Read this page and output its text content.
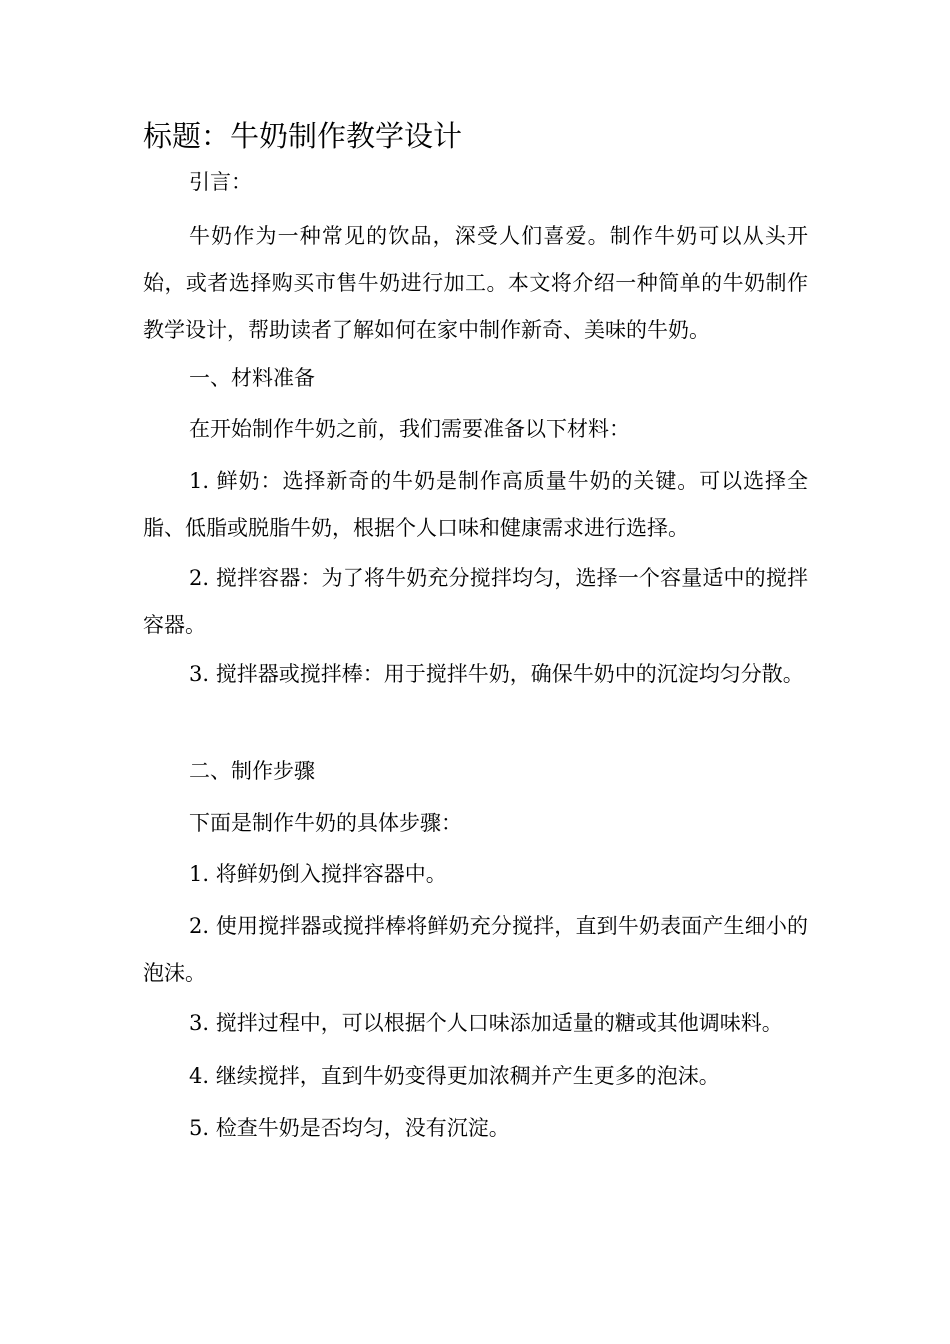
标题：牛奶制作教学设计

引言：

牛奶作为一种常见的饮品，深受人们喜爱。制作牛奶可以从头开始，或者选择购买市售牛奶进行加工。本文将介绍一种简单的牛奶制作教学设计，帮助读者了解如何在家中制作新奇、美味的牛奶。

一、材料准备

在开始制作牛奶之前，我们需要准备以下材料：

1. 鲜奶：选择新奇的牛奶是制作高质量牛奶的关键。可以选择全脂、低脂或脱脂牛奶，根据个人口味和健康需求进行选择。

2. 搅拌容器：为了将牛奶充分搅拌均匀，选择一个容量适中的搅拌容器。

3. 搅拌器或搅拌棒：用于搅拌牛奶，确保牛奶中的沉淀均匀分散。

二、制作步骤

下面是制作牛奶的具体步骤：

1. 将鲜奶倒入搅拌容器中。

2. 使用搅拌器或搅拌棒将鲜奶充分搅拌，直到牛奶表面产生细小的泡沫。

3. 搅拌过程中，可以根据个人口味添加适量的糖或其他调味料。

4. 继续搅拌，直到牛奶变得更加浓稠并产生更多的泡沫。

5. 检查牛奶是否均匀，没有沉淀。
